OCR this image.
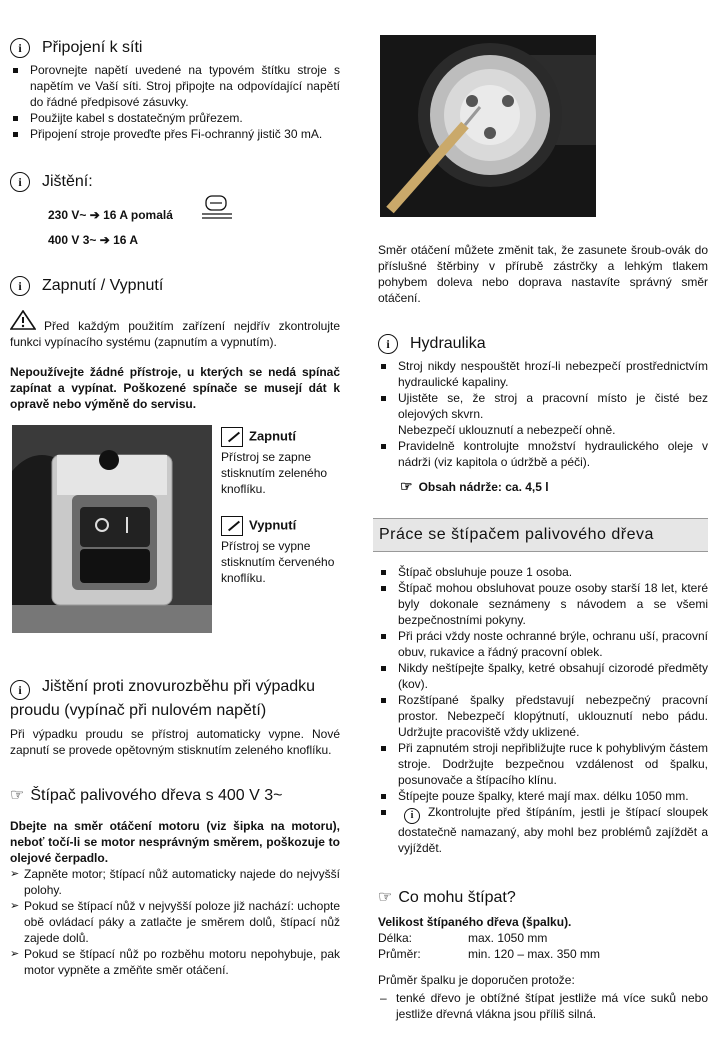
i	Připojení k síti
Porovnejte napětí uvedené na typovém štítku stroje s napětím ve Vaší síti. Stroj připojte na odpovídající napětí do řádné předpisové zásuvky.
Použijte kabel s dostatečným průřezem.
Připojení stroje proveďte přes Fi-ochranný jistič 30 mA.
i	Jištění:
230 V~ ➔ 16 A pomalá
400 V 3~ ➔ 16 A
i	Zapnutí / Vypnutí

Před každým použitím zařízení nejdřív zkontrolujte funkci vypínacího systému (zapnutím a vypnutím).

Nepoužívejte žádné přístroje, u kterých se nedá spínač zapínat a vypínat. Poškozené spínače se musejí dát k opravě nebo výměně do servisu.

Zapnutí
Přístroj se zapne stisknutím zeleného knoflíku.
Vypnutí
Přístroj se vypne stisknutím červeného knoflíku.
i Jištění proti znovurozběhu při výpadku proudu (vypínač při nulovém napětí)

Při výpadku proudu se přístroj automaticky vypne. Nové zapnutí se provede opětovným stisknutím zeleného knoflíku.

☞ Štípač palivového dřeva s 400 V 3~

Dbejte na směr otáčení motoru (viz šipka na motoru), neboť točí-li se motor nesprávným směrem, poškozuje to olejové čerpadlo.

➢ Zapněte motor; štípací nůž automaticky najede do nejvyšší polohy.
➢ Pokud se štípací nůž v nejvyšší poloze již nachází: uchopte obě ovládací páky a zatlačte je směrem dolů, štípací nůž zajede dolů.
➢ Pokud se štípací nůž po rozběhu motoru nepohybuje, pak motor vypněte a změňte směr otáčení.

Směr otáčení můžete změnit tak, že zasunete šroub-ovák do příslušné štěrbiny v přírubě zástrčky a lehkým tlakem pohybem doleva nebo doprava nastavíte správný směr otáčení.

i	Hydraulika
Stroj nikdy nespouštět hrozí-li nebezpečí prostřednictvím hydraulické kapaliny.
Ujistěte se, že stroj a pracovní místo je čisté bez olejových skvrn.
Nebezpečí uklouznutí a nebezpečí ohně.
Pravidelně kontrolujte množství hydraulického oleje v nádrži (viz kapitola o údržbě a péči).
☞ Obsah nádrže: ca. 4,5 l
Práce se štípačem palivového dřeva
Štípač obsluhuje pouze 1 osoba.
Štípač mohou obsluhovat pouze osoby starší 18 let, které byly dokonale seznámeny s návodem a se všemi bezpečnostními pokyny.
Při práci vždy noste ochranné brýle, ochranu uší, pracovní obuv, rukavice a řádný pracovní oblek.
Nikdy neštípejte špalky, ketré obsahují cizorodé předměty (kov).
Rozštípané špalky představují nebezpečný pracovní prostor. Nebezpečí klopýtnutí, uklouznutí nebo pádu. Udržujte pracoviště vždy uklizené.
Při zapnutém stroji nepřibližujte ruce k pohyblivým částem stroje. Dodržujte bezpečnou vzdálenost od špalku, posunovače a štípacího klínu.
Štípejte pouze špalky, které mají max. délku 1050 mm.
i Zkontrolujte před štípáním, jestli je štípací sloupek dostatečně namazaný, aby mohl bez problémů zajíždět a vyjíždět.
☞ Co mohu štípat?
Velikost štípaného dřeva (špalku).
Délka:	max. 1050 mm
Průměr:	min. 120 – max. 350 mm

Průměr špalku je doporučen protože:

– tenké dřevo je obtížné štípat jestliže má více suků nebo jestliže dřevná vlákna jsou příliš silná.
